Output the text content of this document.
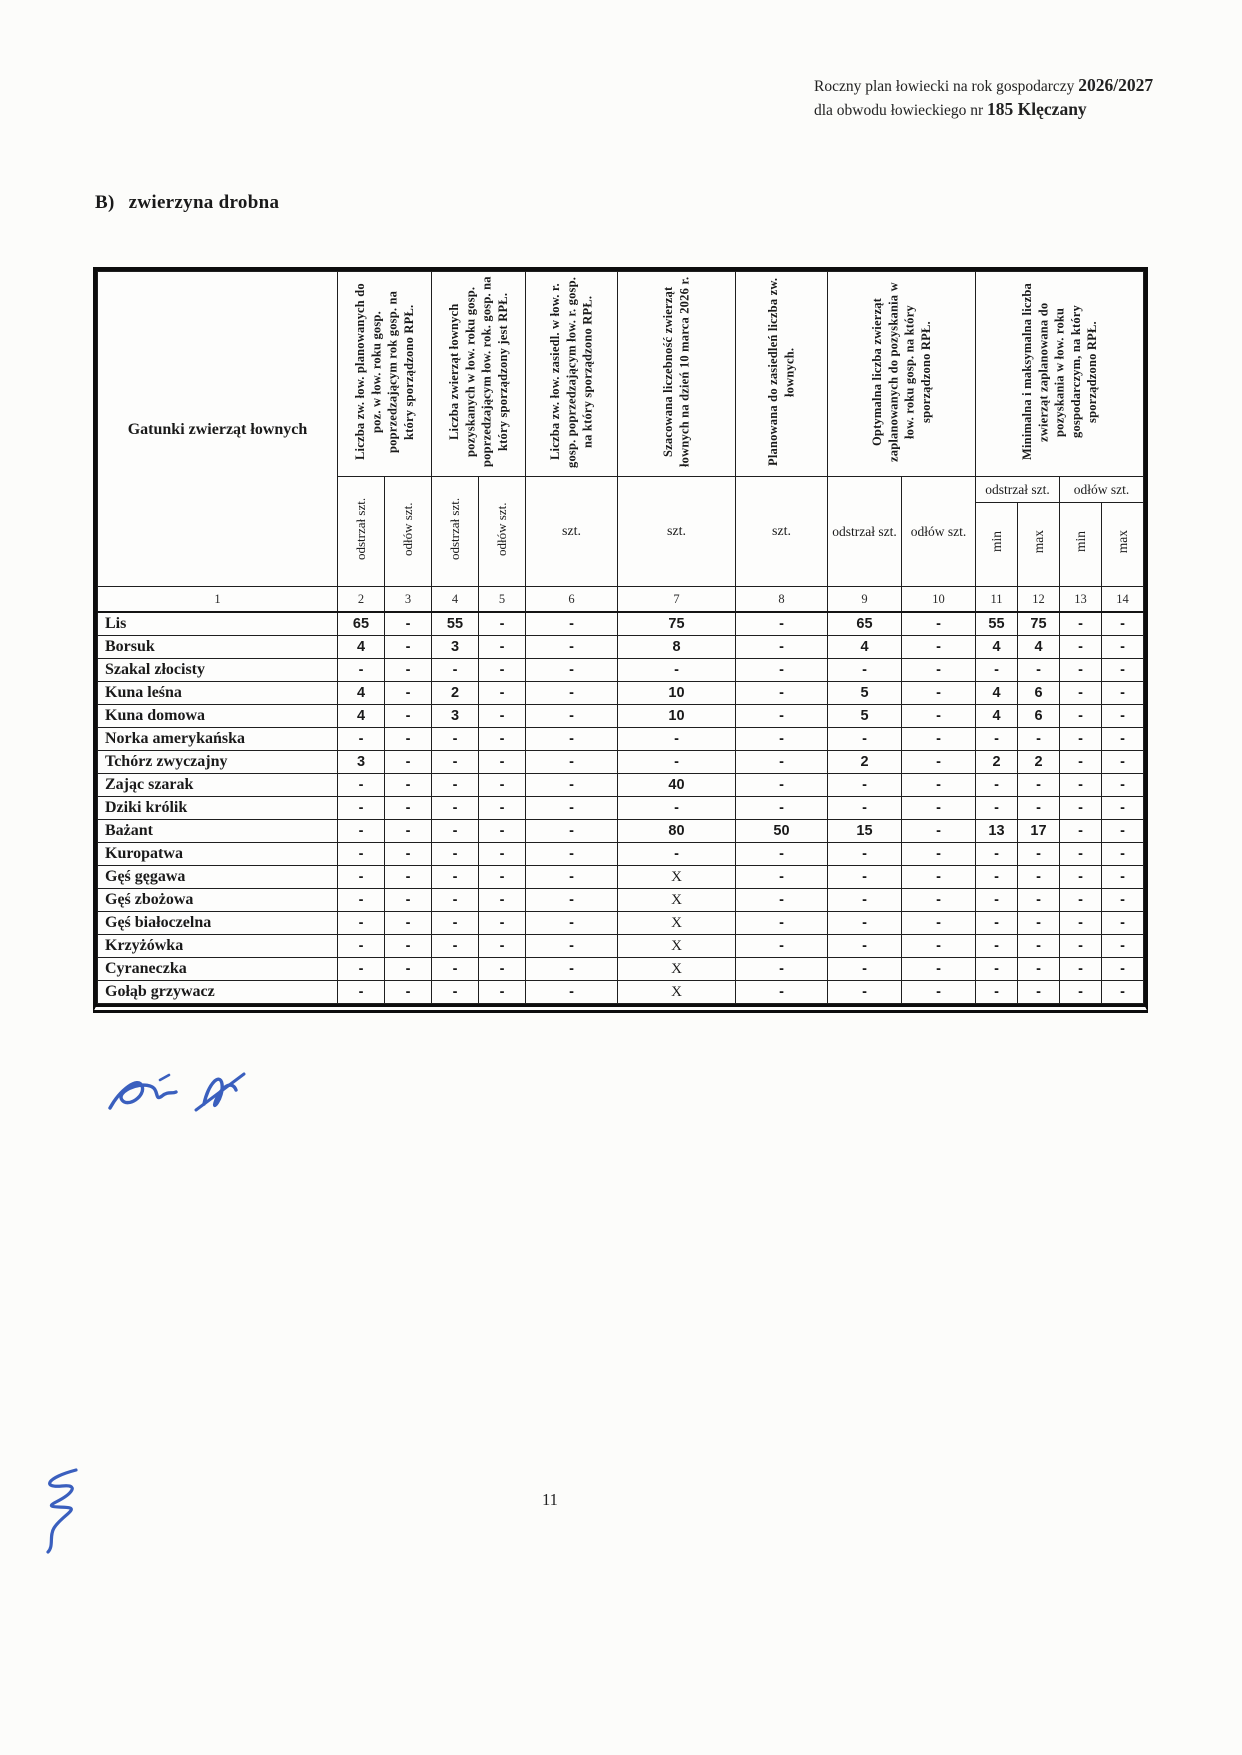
Roczny plan łowiecki na rok gospodarczy 2026/2027
dla obwodu łowieckiego nr 185 Klęczany
B) zwierzyna drobna
Gatunki zwierząt łownych	Liczba zw. łow. planowanych do poz. w łow. roku gosp. poprzedzającym rok gosp. na który sporządzono RPŁ.		Liczba zwierząt łownych pozyskanych w łow. roku gosp. poprzedzającym łow. rok. gosp. na który sporządzony jest RPŁ.		Liczba zw. łow. zasiedl. w łow. r. gosp. poprzedzającym łow. r. gosp. na który sporządzono RPŁ.	Szacowana liczebność zwierząt łownych na dzień 10 marca 2026 r.	Planowana do zasiedleń liczba zw. łownych.	Optymalna liczba zwierząt zaplanowanych do pozyskania w łow. roku gosp. na który sporządzono RPŁ.		Minimalna i maksymalna liczba zwierząt zaplanowana do pozyskania w łow. roku gospodarczym, na który sporządzono RPŁ.			
	odstrzał szt.	odłów szt.	odstrzał szt.	odłów szt.	szt.	szt.	szt.	odstrzał szt.	odłów szt.	odstrzał szt.		odłów szt.	
										min	max	min	max
1	2	3	4	5	6	7	8	9	10	11	12	13	14
Lis	65	-	55	-	-	75	-	65	-	55	75	-	-
Borsuk	4	-	3	-	-	8	-	4	-	4	4	-	-
Szakal złocisty	-	-	-	-	-	-	-	-	-	-	-	-	-
Kuna leśna	4	-	2	-	-	10	-	5	-	4	6	-	-
Kuna domowa	4	-	3	-	-	10	-	5	-	4	6	-	-
Norka amerykańska	-	-	-	-	-	-	-	-	-	-	-	-	-
Tchórz zwyczajny	3	-	-	-	-	-	-	2	-	2	2	-	-
Zając szarak	-	-	-	-	-	40	-	-	-	-	-	-	-
Dziki królik	-	-	-	-	-	-	-	-	-	-	-	-	-
Bażant	-	-	-	-	-	80	50	15	-	13	17	-	-
Kuropatwa	-	-	-	-	-	-	-	-	-	-	-	-	-
Gęś gęgawa	-	-	-	-	-	X	-	-	-	-	-	-	-
Gęś zbożowa	-	-	-	-	-	X	-	-	-	-	-	-	-
Gęś białoczelna	-	-	-	-	-	X	-	-	-	-	-	-	-
Krzyżówka	-	-	-	-	-	X	-	-	-	-	-	-	-
Cyraneczka	-	-	-	-	-	X	-	-	-	-	-	-	-
Gołąb grzywacz	-	-	-	-	-	X	-	-	-	-	-	-	-
11
